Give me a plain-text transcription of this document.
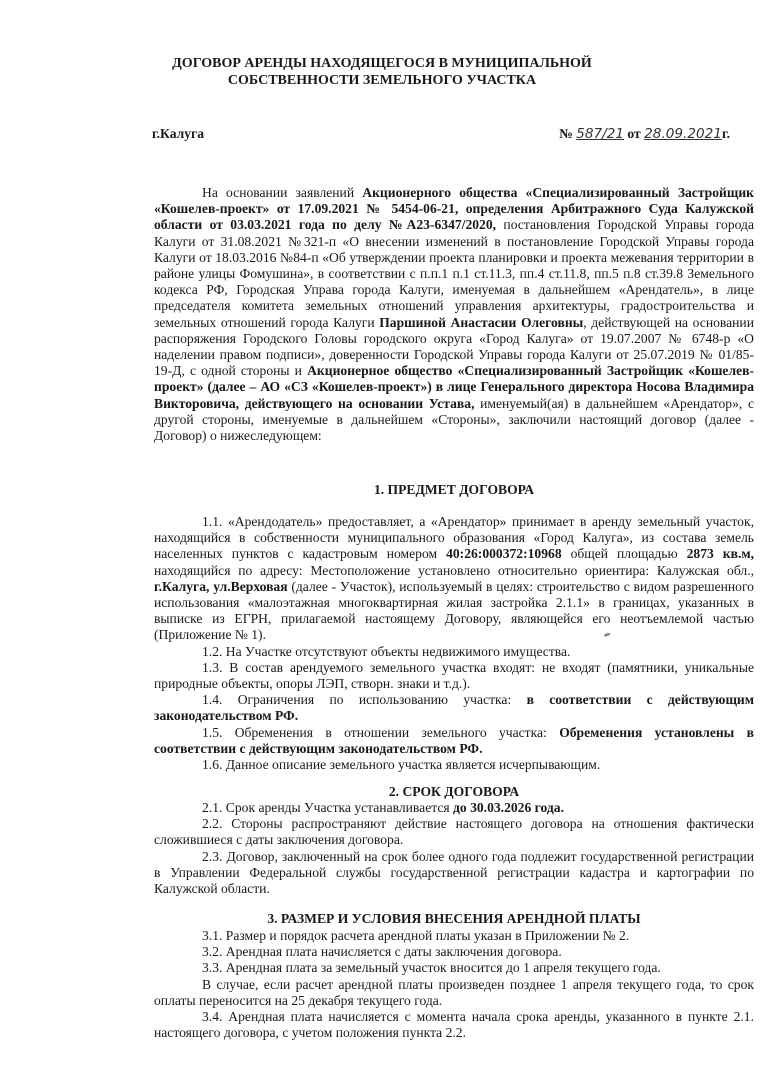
ДОГОВОР АРЕНДЫ НАХОДЯЩЕГОСЯ В МУНИЦИПАЛЬНОЙ
СОБСТВЕННОСТИ ЗЕМЕЛЬНОГО УЧАСТКА
г.Калуга	№ 587/21 от 28.09.2021г.

На основании заявлений Акционерного общества «Специализированный Застройщик «Кошелев-проект» от 17.09.2021 № 5454-06-21, определения Арбитражного Суда Калужской области от 03.03.2021 года по делу №А23-6347/2020, постановления Городской Управы города Калуги от 31.08.2021 №321-п «О внесении изменений в постановление Городской Управы города Калуги от 18.03.2016 №84-п «Об утверждении проекта планировки и проекта межевания территории в районе улицы Фомушина», в соответствии с п.п.1 п.1 ст.11.3, пп.4 ст.11.8, пп.5 п.8 ст.39.8 Земельного кодекса РФ, Городская Управа города Калуги, именуемая в дальнейшем «Арендатель», в лице председателя комитета земельных отношений управления архитектуры, градостроительства и земельных отношений города Калуги Паршиной Анастасии Олеговны, действующей на основании распоряжения Городского Головы городского округа «Город Калуга» от 19.07.2007 № 6748-р «О наделении правом подписи», доверенности Городской Управы города Калуги от 25.07.2019 № 01/85-19-Д, с одной стороны и Акционерное общество «Специализированный Застройщик «Кошелев-проект» (далее – АО «СЗ «Кошелев-проект») в лице Генерального директора Носова Владимира Викторовича, действующего на основании Устава, именуемый(ая) в дальнейшем «Арендатор», с другой стороны, именуемые в дальнейшем «Стороны», заключили настоящий договор (далее - Договор) о нижеследующем:

1. ПРЕДМЕТ ДОГОВОРА

1.1. «Арендодатель» предоставляет, а «Арендатор» принимает в аренду земельный участок, находящийся в собственности муниципального образования «Город Калуга», из состава земель населенных пунктов с кадастровым номером 40:26:000372:10968 общей площадью 2873 кв.м, находящийся по адресу: Местоположение установлено относительно ориентира: Калужская обл., г.Калуга, ул.Верховая (далее - Участок), используемый в целях: строительство с видом разрешенного использования «малоэтажная многоквартирная жилая застройка 2.1.1» в границах, указанных в выписке из ЕГРН, прилагаемой настоящему Договору, являющейся его неотъемлемой частью (Приложение № 1).

1.2. На Участке отсутствуют объекты недвижимого имущества.

1.3. В состав арендуемого земельного участка входят: не входят (памятники, уникальные природные объекты, опоры ЛЭП, створн. знаки и т.д.).

1.4. Ограничения по использованию участка: в соответствии с действующим законодательством РФ.

1.5. Обременения в отношении земельного участка: Обременения установлены в соответствии с действующим законодательством РФ.

1.6. Данное описание земельного участка является исчерпывающим.

2. СРОК ДОГОВОРА

2.1. Срок аренды Участка устанавливается до 30.03.2026 года.

2.2. Стороны распространяют действие настоящего договора на отношения фактически сложившиеся с даты заключения договора.

2.3. Договор, заключенный на срок более одного года подлежит государственной регистрации в Управлении Федеральной службы государственной регистрации кадастра и картографии по Калужской области.

3. РАЗМЕР И УСЛОВИЯ ВНЕСЕНИЯ АРЕНДНОЙ ПЛАТЫ

3.1. Размер и порядок расчета арендной платы указан в Приложении № 2.

3.2. Арендная плата начисляется с даты заключения договора.

3.3. Арендная плата за земельный участок вносится до 1 апреля текущего года.

В случае, если расчет арендной платы произведен позднее 1 апреля текущего года, то срок оплаты переносится на 25 декабря текущего года.

3.4. Арендная плата начисляется с момента начала срока аренды, указанного в пункте 2.1. настоящего договора, с учетом положения пункта 2.2.

✒
